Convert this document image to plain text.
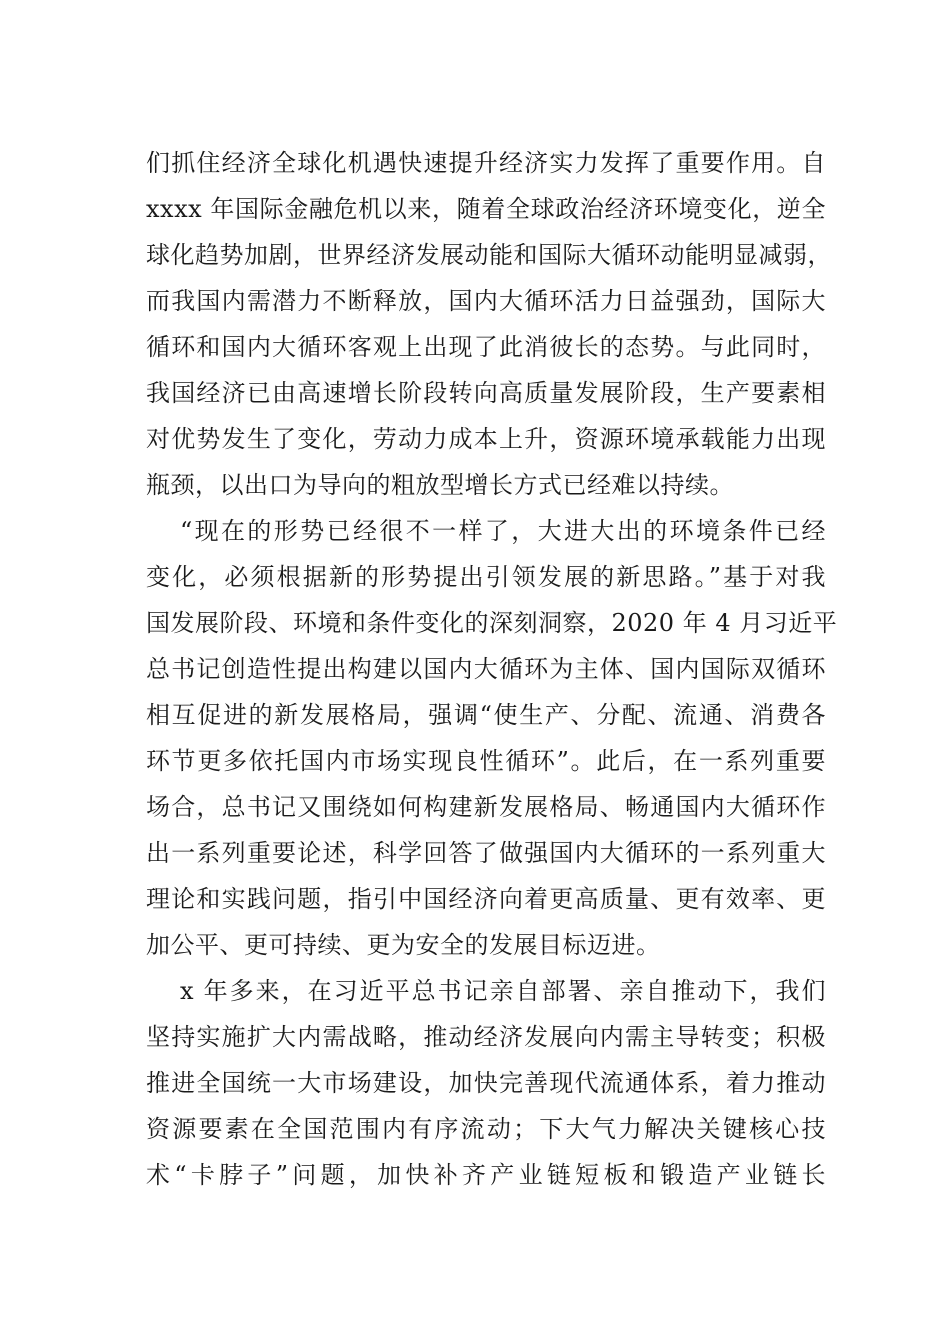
们抓住经济全球化机遇快速提升经济实力发挥了重要作用。自
xxxx 年国际金融危机以来，随着全球政治经济环境变化，逆全
球化趋势加剧，世界经济发展动能和国际大循环动能明显减弱，
而我国内需潜力不断释放，国内大循环活力日益强劲，国际大
循环和国内大循环客观上出现了此消彼长的态势。与此同时，
我国经济已由高速增长阶段转向高质量发展阶段，生产要素相
对优势发生了变化，劳动力成本上升，资源环境承载能力出现
瓶颈，以出口为导向的粗放型增长方式已经难以持续。
“现在的形势已经很不一样了，大进大出的环境条件已经
变化，必须根据新的形势提出引领发展的新思路。”基于对我
国发展阶段、环境和条件变化的深刻洞察，2020 年 4 月习近平
总书记创造性提出构建以国内大循环为主体、国内国际双循环
相互促进的新发展格局，强调“使生产、分配、流通、消费各
环节更多依托国内市场实现良性循环”。此后，在一系列重要
场合，总书记又围绕如何构建新发展格局、畅通国内大循环作
出一系列重要论述，科学回答了做强国内大循环的一系列重大
理论和实践问题，指引中国经济向着更高质量、更有效率、更
加公平、更可持续、更为安全的发展目标迈进。
x 年多来，在习近平总书记亲自部署、亲自推动下，我们
坚持实施扩大内需战略，推动经济发展向内需主导转变；积极
推进全国统一大市场建设，加快完善现代流通体系，着力推动
资源要素在全国范围内有序流动；下大气力解决关键核心技
术“卡脖子”问题，加快补齐产业链短板和锻造产业链长
